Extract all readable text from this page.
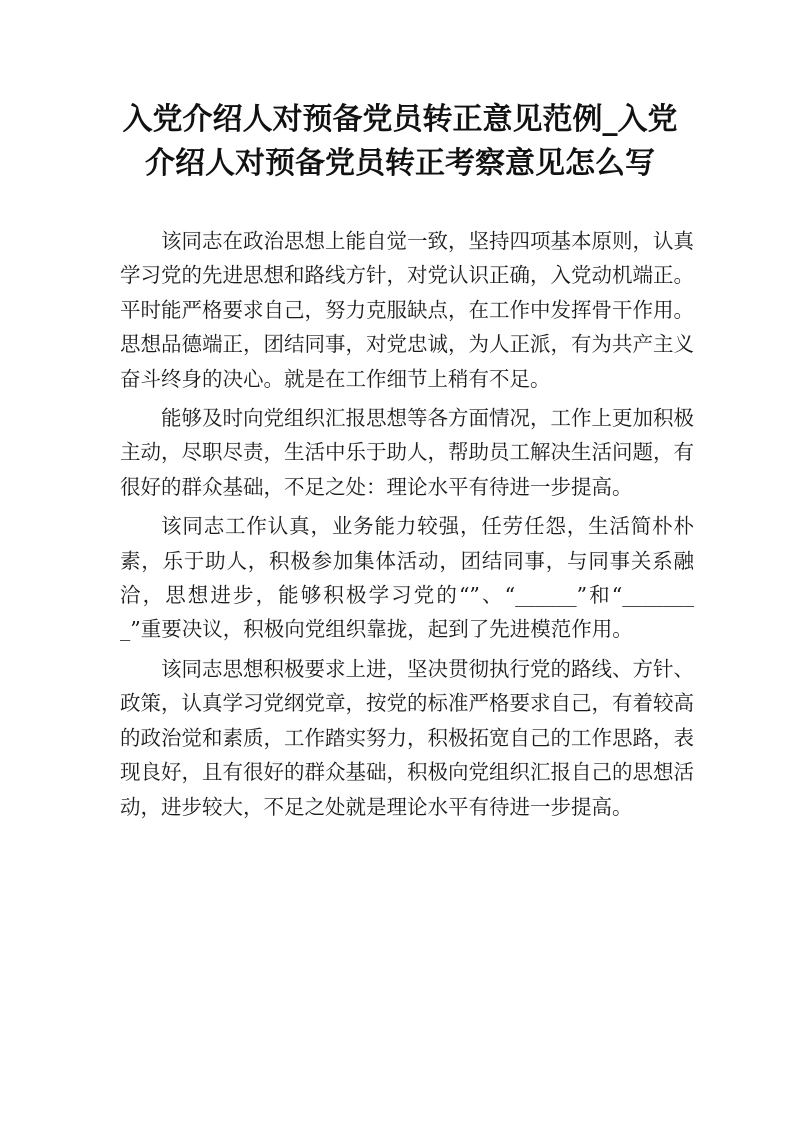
入党介绍人对预备党员转正意见范例_入党介绍人对预备党员转正考察意见怎么写

该同志在政治思想上能自觉一致，坚持四项基本原则，认真学习党的先进思想和路线方针，对党认识正确，入党动机端正。平时能严格要求自己，努力克服缺点，在工作中发挥骨干作用。思想品德端正，团结同事，对党忠诚，为人正派，有为共产主义奋斗终身的决心。就是在工作细节上稍有不足。

能够及时向党组织汇报思想等各方面情况，工作上更加积极主动，尽职尽责，生活中乐于助人，帮助员工解决生活问题，有很好的群众基础，不足之处：理论水平有待进一步提高。

该同志工作认真，业务能力较强，任劳任怨，生活简朴朴素，乐于助人，积极参加集体活动，团结同事，与同事关系融洽，思想进步，能够积极学习党的“”、“______”和“________”重要决议，积极向党组织靠拢，起到了先进模范作用。

该同志思想积极要求上进，坚决贯彻执行党的路线、方针、政策，认真学习党纲党章，按党的标准严格要求自己，有着较高的政治觉和素质，工作踏实努力，积极拓宽自己的工作思路，表现良好，且有很好的群众基础，积极向党组织汇报自己的思想活动，进步较大，不足之处就是理论水平有待进一步提高。
